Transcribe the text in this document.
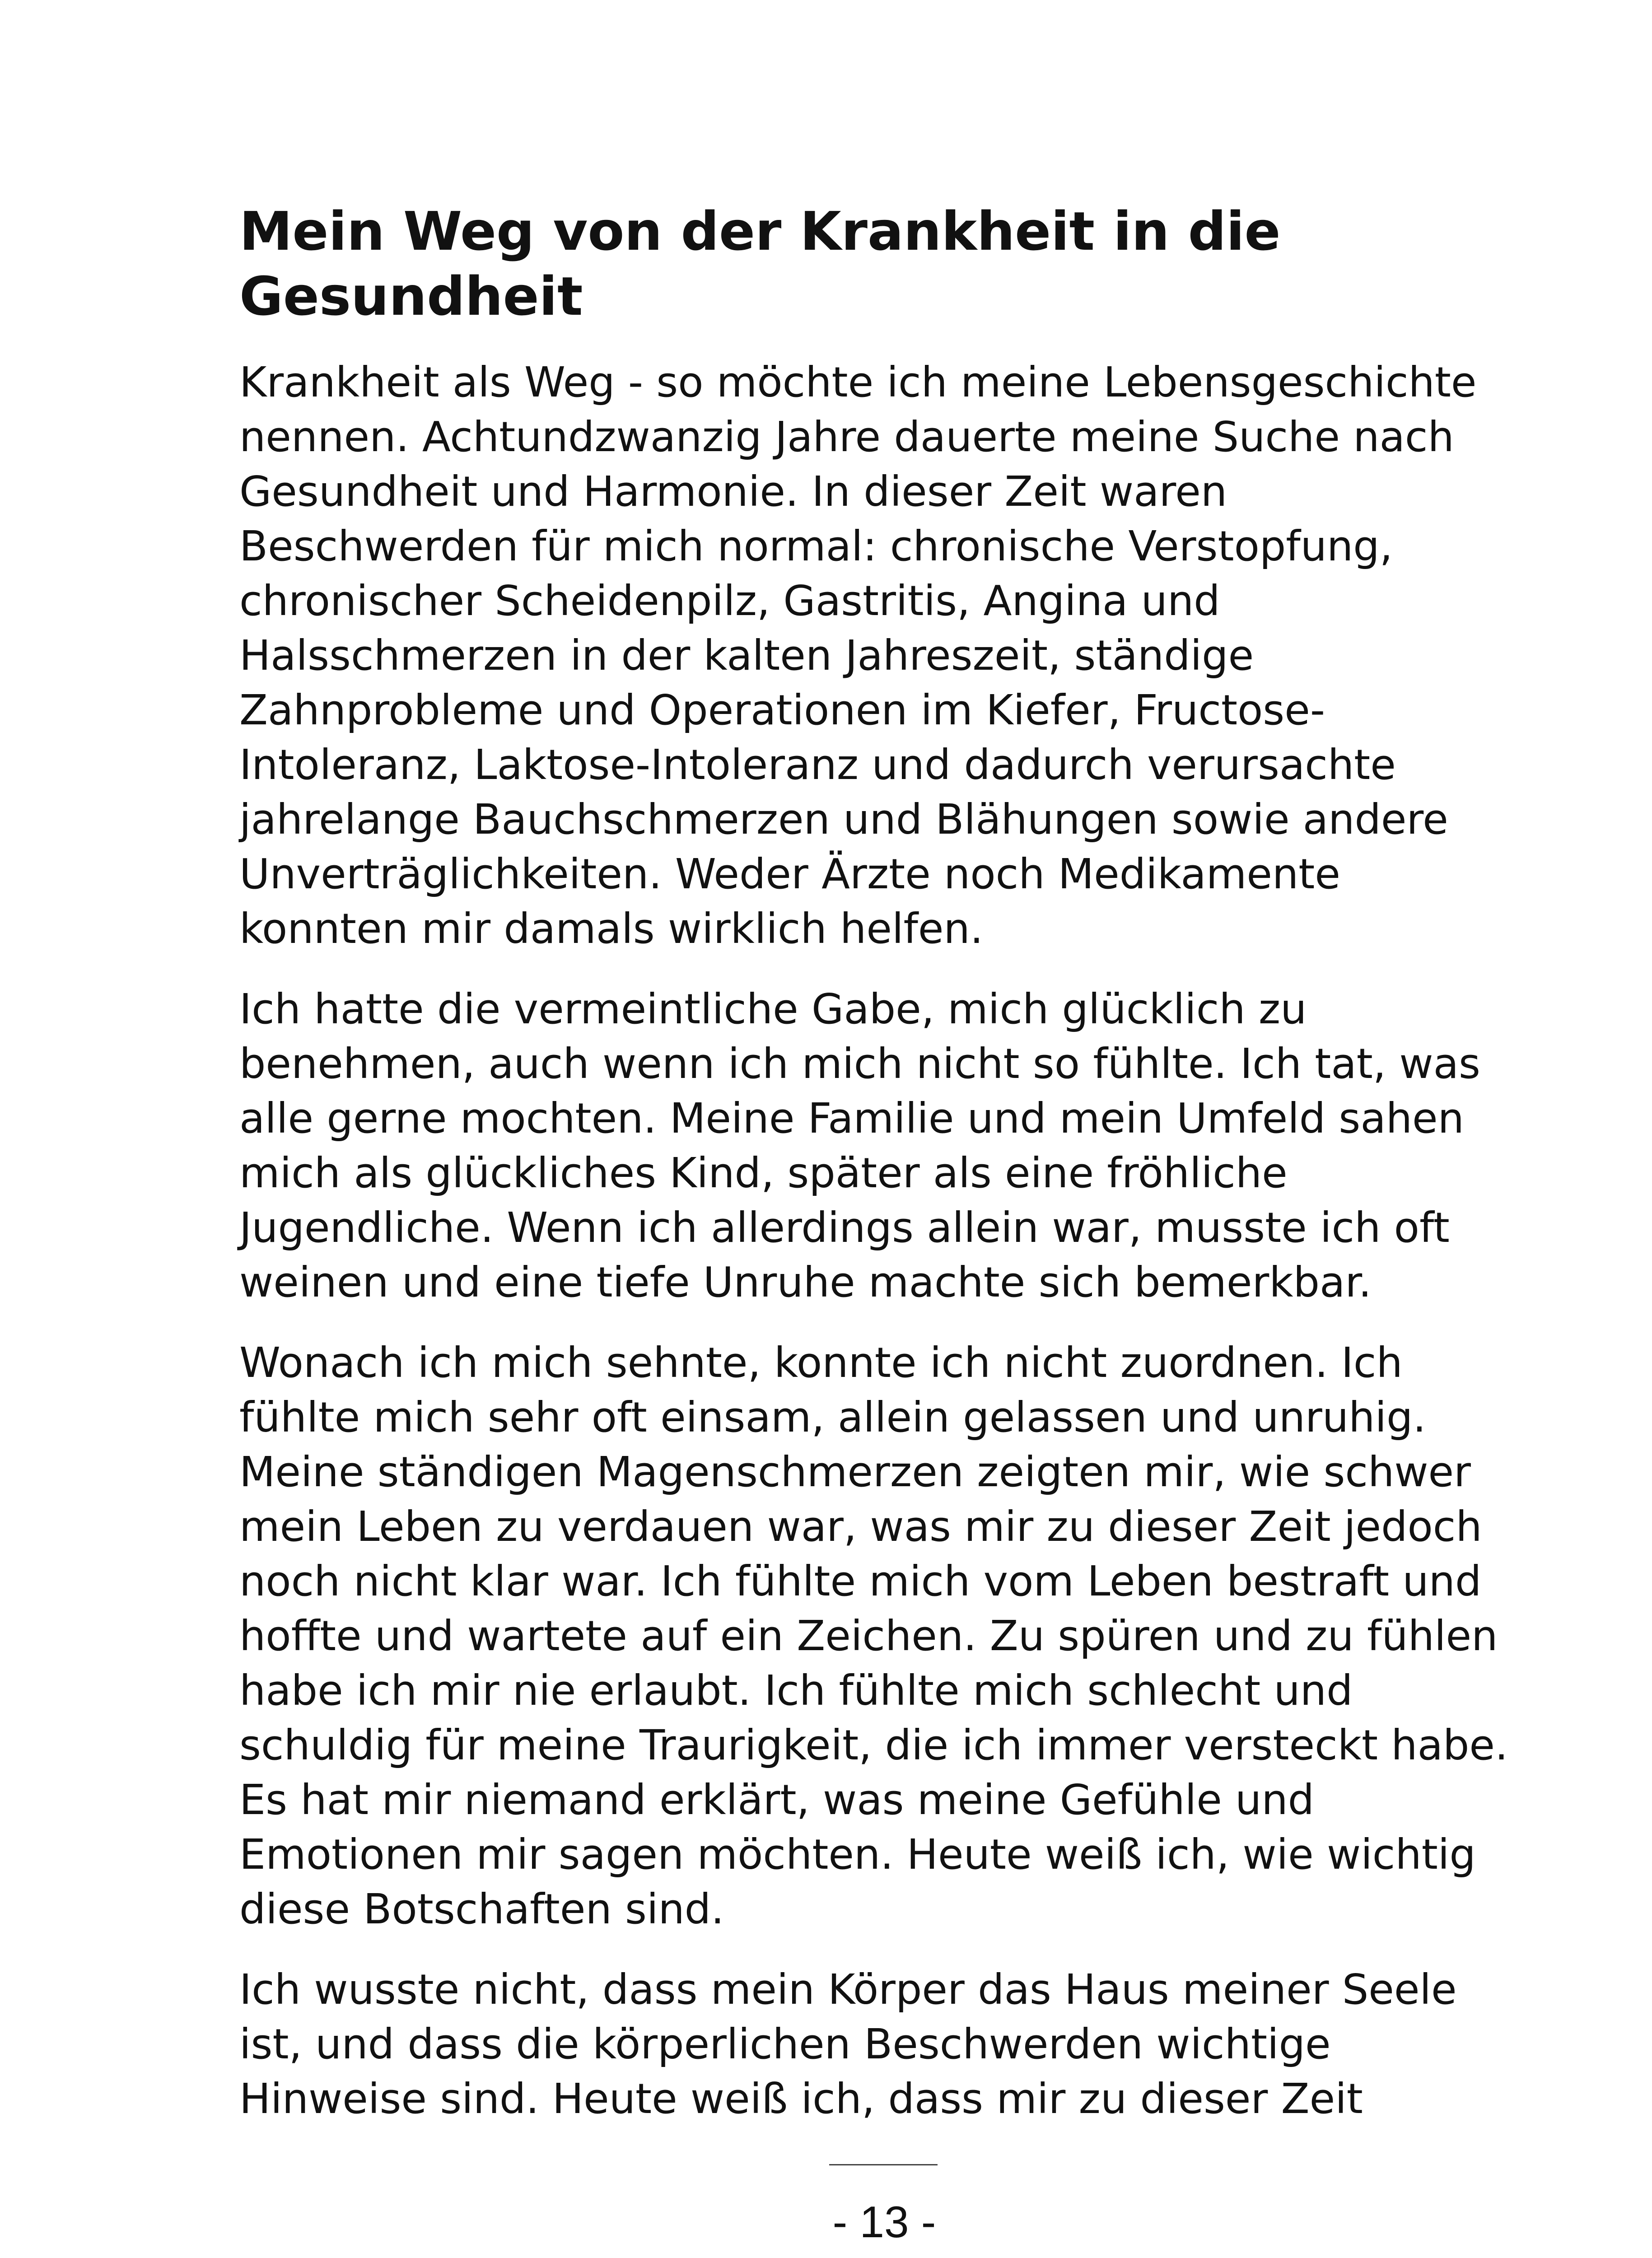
Mein Weg von der Krankheit in die
Gesundheit

Krankheit als Weg - so möchte ich meine Lebensgeschichte
nennen. Achtundzwanzig Jahre dauerte meine Suche nach
Gesundheit und Harmonie. In dieser Zeit waren
Beschwerden für mich normal: chronische Verstopfung,
chronischer Scheidenpilz, Gastritis, Angina und
Halsschmerzen in der kalten Jahreszeit, ständige
Zahnprobleme und Operationen im Kiefer, Fructose-
Intoleranz, Laktose-Intoleranz und dadurch verursachte
jahrelange Bauchschmerzen und Blähungen sowie andere
Unverträglichkeiten. Weder Ärzte noch Medikamente
konnten mir damals wirklich helfen.

Ich hatte die vermeintliche Gabe, mich glücklich zu
benehmen, auch wenn ich mich nicht so fühlte. Ich tat, was
alle gerne mochten. Meine Familie und mein Umfeld sahen
mich als glückliches Kind, später als eine fröhliche
Jugendliche. Wenn ich allerdings allein war, musste ich oft
weinen und eine tiefe Unruhe machte sich bemerkbar.

Wonach ich mich sehnte, konnte ich nicht zuordnen. Ich
fühlte mich sehr oft einsam, allein gelassen und unruhig.
Meine ständigen Magenschmerzen zeigten mir, wie schwer
mein Leben zu verdauen war, was mir zu dieser Zeit jedoch
noch nicht klar war. Ich fühlte mich vom Leben bestraft und
hoffte und wartete auf ein Zeichen. Zu spüren und zu fühlen
habe ich mir nie erlaubt. Ich fühlte mich schlecht und
schuldig für meine Traurigkeit, die ich immer versteckt habe.
Es hat mir niemand erklärt, was meine Gefühle und
Emotionen mir sagen möchten. Heute weiß ich, wie wichtig
diese Botschaften sind.

Ich wusste nicht, dass mein Körper das Haus meiner Seele
ist, und dass die körperlichen Beschwerden wichtige
Hinweise sind. Heute weiß ich, dass mir zu dieser Zeit

- 13 -
